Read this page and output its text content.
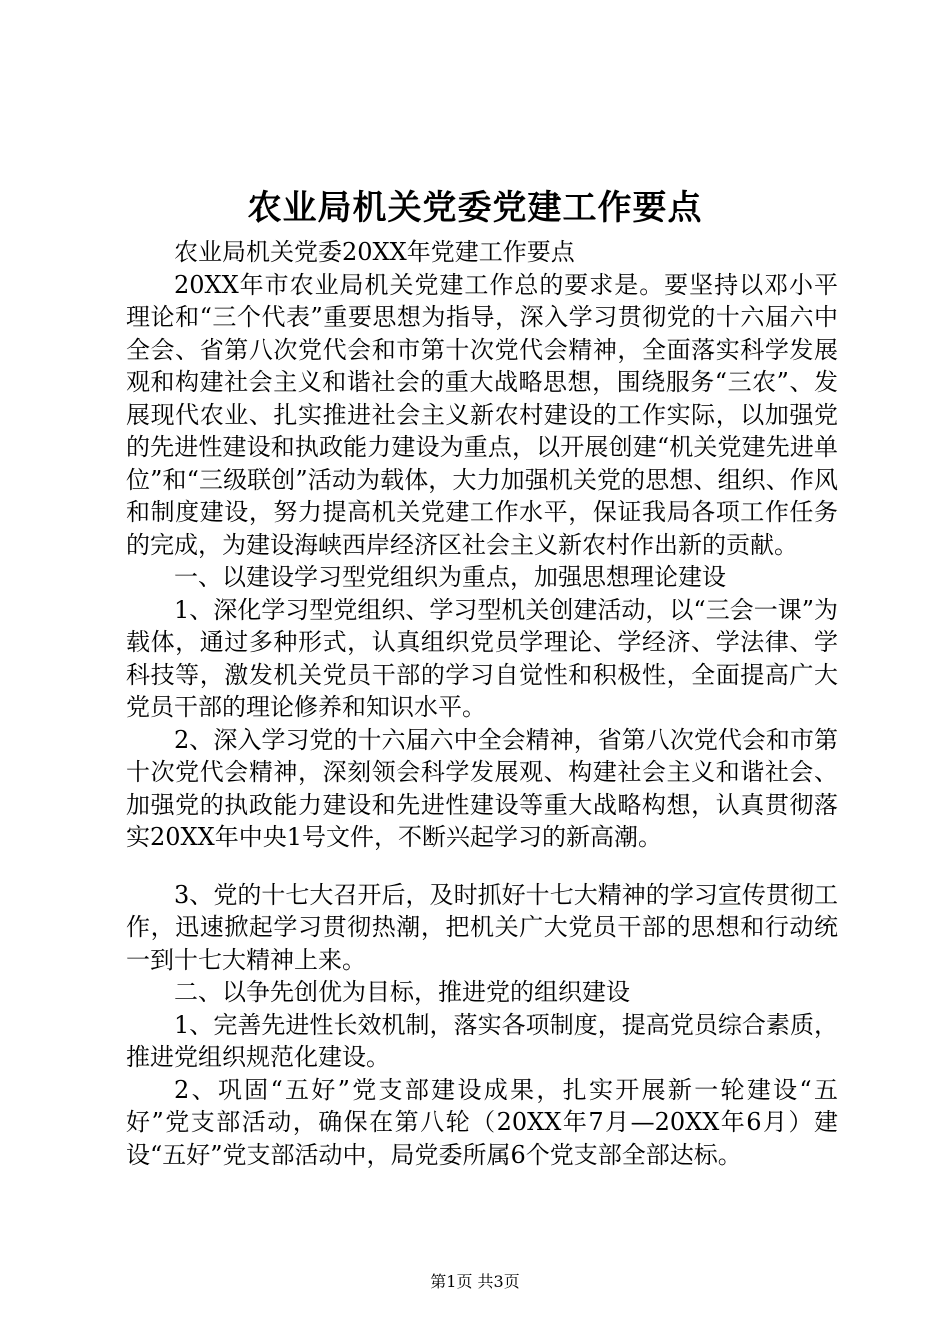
农业局机关党委党建工作要点

农业局机关党委20XX年党建工作要点

20XX年市农业局机关党建工作总的要求是。要坚持以邓小平理论和“三个代表”重要思想为指导，深入学习贯彻党的十六届六中全会、省第八次党代会和市第十次党代会精神，全面落实科学发展观和构建社会主义和谐社会的重大战略思想，围绕服务“三农”、发展现代农业、扎实推进社会主义新农村建设的工作实际，以加强党的先进性建设和执政能力建设为重点，以开展创建“机关党建先进单位”和“三级联创”活动为载体，大力加强机关党的思想、组织、作风和制度建设，努力提高机关党建工作水平，保证我局各项工作任务的完成，为建设海峡西岸经济区社会主义新农村作出新的贡献。

一、以建设学习型党组织为重点，加强思想理论建设

1、深化学习型党组织、学习型机关创建活动，以“三会一课”为载体，通过多种形式，认真组织党员学理论、学经济、学法律、学科技等，激发机关党员干部的学习自觉性和积极性，全面提高广大党员干部的理论修养和知识水平。

2、深入学习党的十六届六中全会精神，省第八次党代会和市第十次党代会精神，深刻领会科学发展观、构建社会主义和谐社会、加强党的执政能力建设和先进性建设等重大战略构想，认真贯彻落实20XX年中央1号文件，不断兴起学习的新高潮。

3、党的十七大召开后，及时抓好十七大精神的学习宣传贯彻工作，迅速掀起学习贯彻热潮，把机关广大党员干部的思想和行动统一到十七大精神上来。

二、以争先创优为目标，推进党的组织建设

1、完善先进性长效机制，落实各项制度，提高党员综合素质，推进党组织规范化建设。

2、巩固“五好”党支部建设成果，扎实开展新一轮建设“五好”党支部活动，确保在第八轮（20XX年7月—20XX年6月）建设“五好”党支部活动中，局党委所属6个党支部全部达标。

第1页 共3页
